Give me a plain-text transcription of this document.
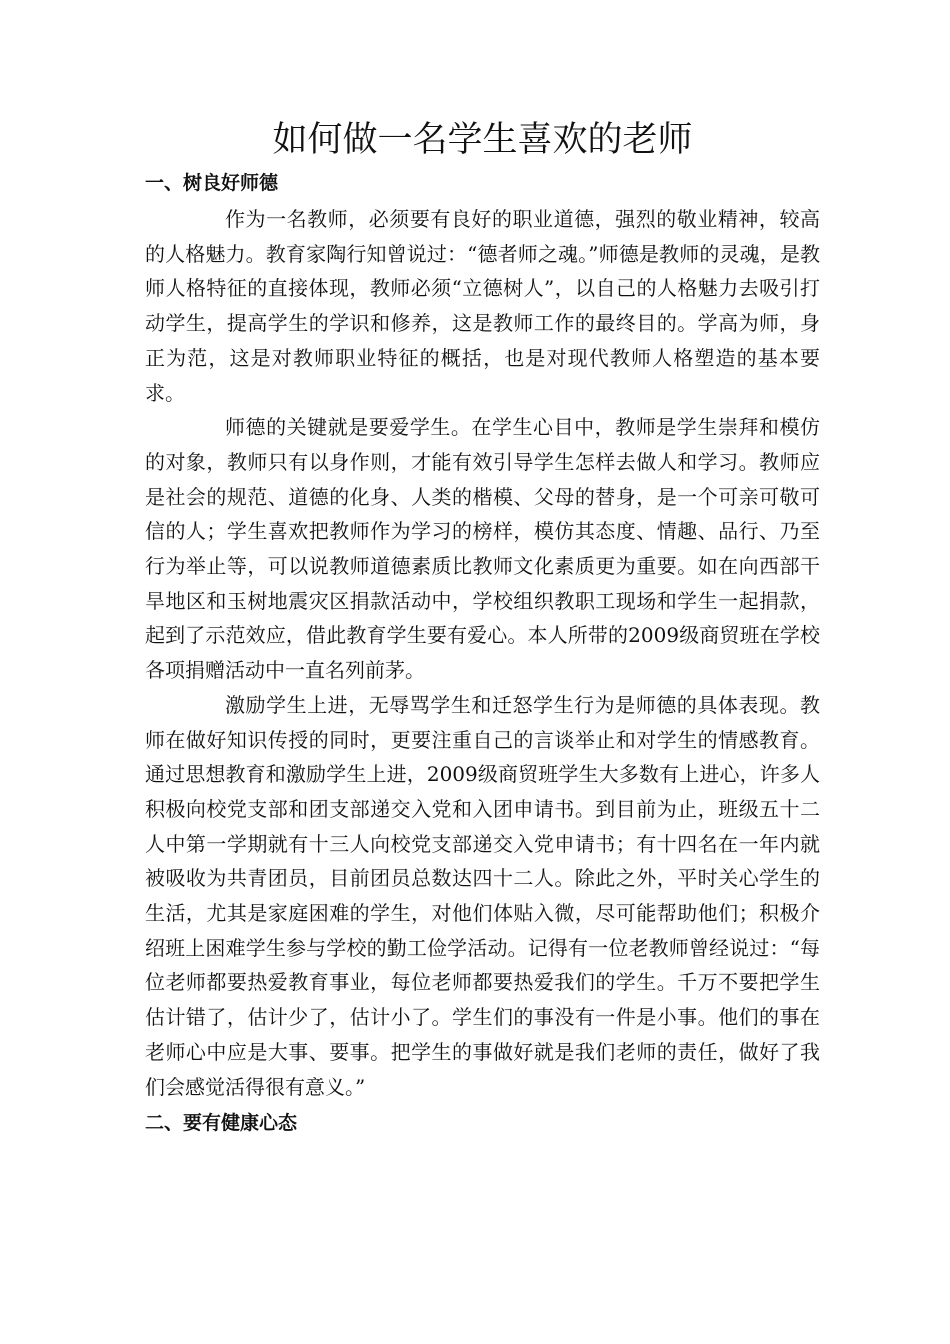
如何做一名学生喜欢的老师
一、树良好师德

作为一名教师，必须要有良好的职业道德，强烈的敬业精神，较高的人格魅力。教育家陶行知曾说过：“德者师之魂。”师德是教师的灵魂，是教师人格特征的直接体现，教师必须“立德树人”，以自己的人格魅力去吸引打动学生，提高学生的学识和修养，这是教师工作的最终目的。学高为师，身正为范，这是对教师职业特征的概括，也是对现代教师人格塑造的基本要求。

师德的关键就是要爱学生。在学生心目中，教师是学生崇拜和模仿的对象，教师只有以身作则，才能有效引导学生怎样去做人和学习。教师应是社会的规范、道德的化身、人类的楷模、父母的替身，是一个可亲可敬可信的人；学生喜欢把教师作为学习的榜样，模仿其态度、情趣、品行、乃至行为举止等，可以说教师道德素质比教师文化素质更为重要。如在向西部干旱地区和玉树地震灾区捐款活动中，学校组织教职工现场和学生一起捐款，起到了示范效应，借此教育学生要有爱心。本人所带的2009级商贸班在学校各项捐赠活动中一直名列前茅。

激励学生上进，无辱骂学生和迁怒学生行为是师德的具体表现。教师在做好知识传授的同时，更要注重自己的言谈举止和对学生的情感教育。通过思想教育和激励学生上进，2009级商贸班学生大多数有上进心，许多人积极向校党支部和团支部递交入党和入团申请书。到目前为止，班级五十二人中第一学期就有十三人向校党支部递交入党申请书；有十四名在一年内就被吸收为共青团员，目前团员总数达四十二人。除此之外，平时关心学生的生活，尤其是家庭困难的学生，对他们体贴入微，尽可能帮助他们；积极介绍班上困难学生参与学校的勤工俭学活动。记得有一位老教师曾经说过：“每位老师都要热爱教育事业，每位老师都要热爱我们的学生。千万不要把学生估计错了，估计少了，估计小了。学生们的事没有一件是小事。他们的事在老师心中应是大事、要事。把学生的事做好就是我们老师的责任，做好了我们会感觉活得很有意义。”

二、要有健康心态
